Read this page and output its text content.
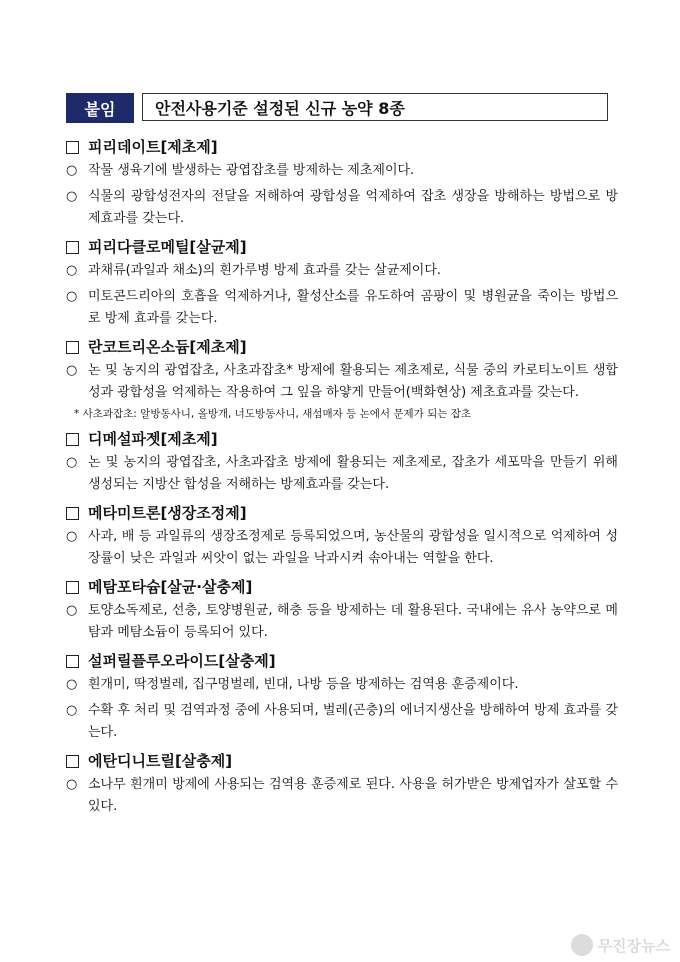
붙임	안전사용기준 설정된 신규 농약 8종
피리데이트[제초제]
○ 작물 생육기에 발생하는 광엽잡초를 방제하는 제초제이다.
○ 식물의 광합성전자의 전달을 저해하여 광합성을 억제하여 잡초 생장을 방해하는 방법으로 방제효과를 갖는다.
피리다클로메틸[살균제]
○ 과채류(과일과 채소)의 흰가루병 방제 효과를 갖는 살균제이다.
○ 미토콘드리아의 호흡을 억제하거나, 활성산소를 유도하여 곰팡이 및 병원균을 죽이는 방법으로 방제 효과를 갖는다.
란코트리온소듐[제초제]
○ 논 및 농지의 광엽잡초, 사초과잡초* 방제에 활용되는 제초제로, 식물 중의 카로티노이트 생합성과 광합성을 억제하는 작용하여 그 잎을 하얗게 만들어(백화현상) 제초효과를 갖는다.
* 사초과잡초: 알방동사니, 올방개, 너도방동사니, 새섬매자 등 논에서 문제가 되는 잡초
디메설파젯[제초제]
○ 논 및 농지의 광엽잡초, 사초과잡초 방제에 활용되는 제초제로, 잡초가 세포막을 만들기 위해 생성되는 지방산 합성을 저해하는 방제효과를 갖는다.
메타미트론[생장조정제]
○ 사과, 배 등 과일류의 생장조정제로 등록되었으며, 농산물의 광합성을 일시적으로 억제하여 성장률이 낮은 과일과 씨앗이 없는 과일을 낙과시켜 솎아내는 역할을 한다.
메탐포타슘[살균·살충제]
○ 토양소독제로, 선충, 토양병원균, 해충 등을 방제하는 데 활용된다. 국내에는 유사 농약으로 메탐과 메탐소듐이 등록되어 있다.
설퍼릴플루오라이드[살충제]
○ 흰개미, 딱정벌레, 집구멍벌레, 빈대, 나방 등을 방제하는 검역용 훈증제이다.
○ 수확 후 처리 및 검역과정 중에 사용되며, 벌레(곤충)의 에너지생산을 방해하여 방제 효과를 갖는다.
에탄디니트릴[살충제]
○ 소나무 흰개미 방제에 사용되는 검역용 훈증제로 된다. 사용을 허가받은 방제업자가 살포할 수 있다.
무진장뉴스
